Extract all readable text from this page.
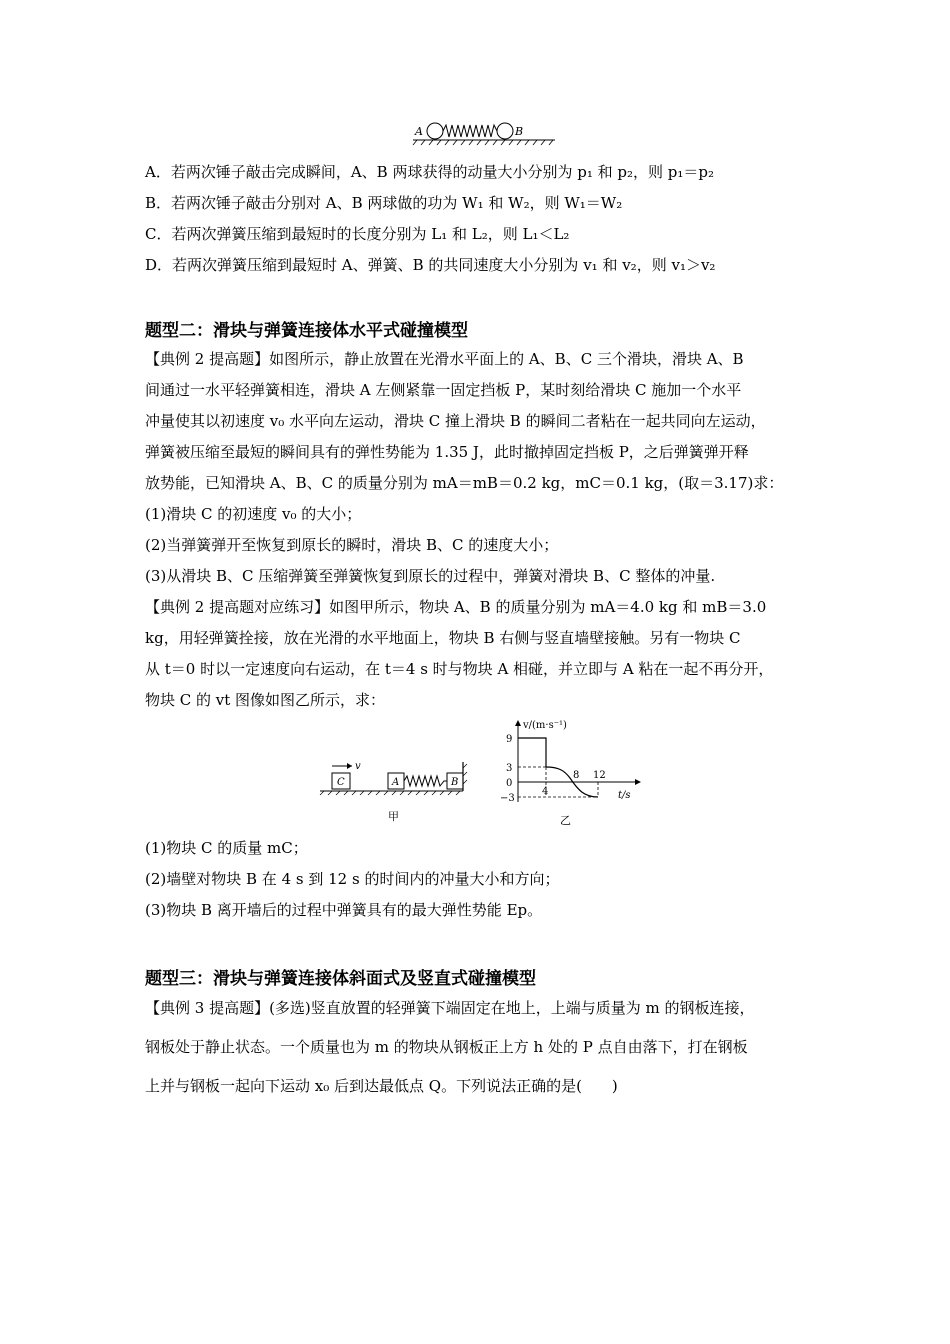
A	B
A．若两次锤子敲击完成瞬间，A、B 两球获得的动量大小分别为 p₁ 和 p₂，则 p₁＝p₂
B．若两次锤子敲击分别对 A、B 两球做的功为 W₁ 和 W₂，则 W₁＝W₂
C．若两次弹簧压缩到最短时的长度分别为 L₁ 和 L₂，则 L₁＜L₂
D．若两次弹簧压缩到最短时 A、弹簧、B 的共同速度大小分别为 v₁ 和 v₂，则 v₁＞v₂
题型二：滑块与弹簧连接体水平式碰撞模型
【典例 2 提高题】如图所示，静止放置在光滑水平面上的 A、B、C 三个滑块，滑块 A、B
间通过一水平轻弹簧相连，滑块 A 左侧紧靠一固定挡板 P，某时刻给滑块 C 施加一个水平
冲量使其以初速度 v₀ 水平向左运动，滑块 C 撞上滑块 B 的瞬间二者粘在一起共同向左运动，
弹簧被压缩至最短的瞬间具有的弹性势能为 1.35 J，此时撤掉固定挡板 P，之后弹簧弹开释
放势能，已知滑块 A、B、C 的质量分别为 mA＝mB＝0.2 kg，mC＝0.1 kg，(取＝3.17)求：
(1)滑块 C 的初速度 v₀ 的大小；
(2)当弹簧弹开至恢复到原长的瞬时，滑块 B、C 的速度大小；
(3)从滑块 B、C 压缩弹簧至弹簧恢复到原长的过程中，弹簧对滑块 B、C 整体的冲量.
【典例 2 提高题对应练习】如图甲所示，物块 A、B 的质量分别为 mA＝4.0 kg 和 mB＝3.0
kg，用轻弹簧拴接，放在光滑的水平地面上，物块 B 右侧与竖直墙壁接触。另有一物块 C
从 t＝0 时以一定速度向右运动，在 t＝4 s 时与物块 A 相碰，并立即与 A 粘在一起不再分开，
物块 C 的 vt 图像如图乙所示，求：
v
C	A	B
甲
v/(m·s⁻¹)
t/s
9
3
0
−3
4
8 12
乙
(1)物块 C 的质量 mC；
(2)墙壁对物块 B 在 4 s 到 12 s 的时间内的冲量大小和方向；
(3)物块 B 离开墙后的过程中弹簧具有的最大弹性势能 Ep。
题型三：滑块与弹簧连接体斜面式及竖直式碰撞模型
【典例 3 提高题】(多选)竖直放置的轻弹簧下端固定在地上，上端与质量为 m 的钢板连接，
钢板处于静止状态。一个质量也为 m 的物块从钢板正上方 h 处的 P 点自由落下，打在钢板
上并与钢板一起向下运动 x₀ 后到达最低点 Q。下列说法正确的是(　　)
